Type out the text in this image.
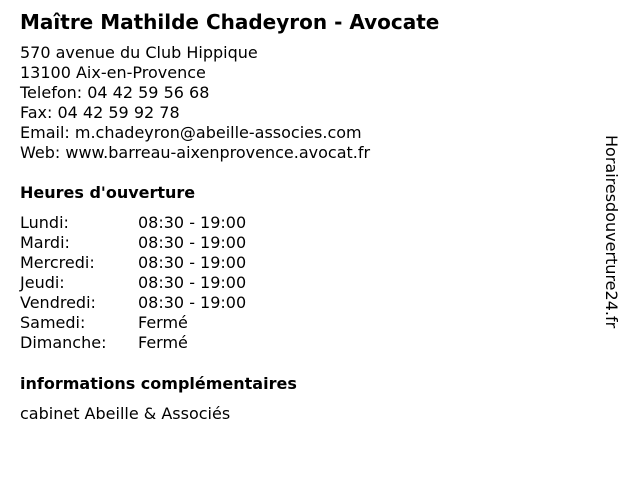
Maître Mathilde Chadeyron - Avocate
570 avenue du Club Hippique
13100 Aix-en-Provence
Telefon: 04 42 59 56 68
Fax: 04 42 59 92 78
Email: m.chadeyron@abeille-associes.com
Web: www.barreau-aixenprovence.avocat.fr
Heures d'ouverture
Lundi:	08:30 - 19:00
Mardi:	08:30 - 19:00
Mercredi:	08:30 - 19:00
Jeudi:	08:30 - 19:00
Vendredi:	08:30 - 19:00
Samedi:	Fermé
Dimanche: Fermé
informations complémentaires
cabinet Abeille & Associés
Horairesdouverture24.fr
